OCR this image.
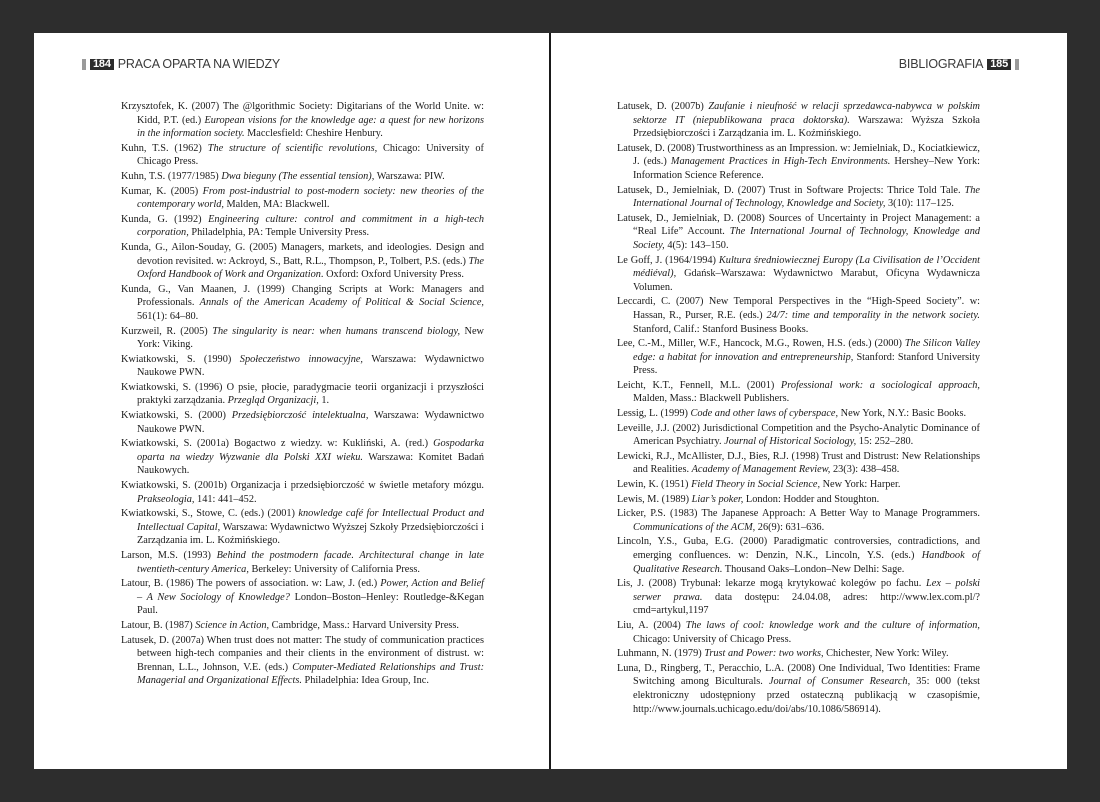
184 PRACA OPARTA NA WIEDZY

Krzysztofek, K. (2007) The @lgorithmic Society: Digitarians of the World Unite. w: Kidd, P.T. (ed.) European visions for the knowledge age: a quest for new horizons in the information society. Macclesfield: Cheshire Henbury.

Kuhn, T.S. (1962) The structure of scientific revolutions, Chicago: University of Chicago Press.

Kuhn, T.S. (1977/1985) Dwa bieguny (The essential tension), Warszawa: PIW.

Kumar, K. (2005) From post-industrial to post-modern society: new theories of the contemporary world, Malden, MA: Blackwell.

Kunda, G. (1992) Engineering culture: control and commitment in a high-tech corporation, Philadelphia, PA: Temple University Press.

Kunda, G., Ailon-Souday, G. (2005) Managers, markets, and ideologies. Design and devotion revisited. w: Ackroyd, S., Batt, R.L., Thompson, P., Tolbert, P.S. (eds.) The Oxford Handbook of Work and Organization. Oxford: Oxford University Press.

Kunda, G., Van Maanen, J. (1999) Changing Scripts at Work: Managers and Professionals. Annals of the American Academy of Political & Social Science, 561(1): 64–80.

Kurzweil, R. (2005) The singularity is near: when humans transcend biology, New York: Viking.

Kwiatkowski, S. (1990) Społeczeństwo innowacyjne, Warszawa: Wydawnictwo Naukowe PWN.

Kwiatkowski, S. (1996) O psie, płocie, paradygmacie teorii organizacji i przyszłości praktyki zarządzania. Przegląd Organizacji, 1.

Kwiatkowski, S. (2000) Przedsiębiorczość intelektualna, Warszawa: Wydawnictwo Naukowe PWN.

Kwiatkowski, S. (2001a) Bogactwo z wiedzy. w: Kukliński, A. (red.) Gospodarka oparta na wiedzy Wyzwanie dla Polski XXI wieku. Warszawa: Komitet Badań Naukowych.

Kwiatkowski, S. (2001b) Organizacja i przedsiębiorczość w świetle metafory mózgu. Prakseologia, 141: 441–452.

Kwiatkowski, S., Stowe, C. (eds.) (2001) knowledge café for Intellectual Product and Intellectual Capital, Warszawa: Wydawnictwo Wyższej Szkoły Przedsiębiorczości i Zarządzania im. L. Koźmińskiego.

Larson, M.S. (1993) Behind the postmodern facade. Architectural change in late twentieth-century America, Berkeley: University of California Press.

Latour, B. (1986) The powers of association. w: Law, J. (ed.) Power, Action and Belief – A New Sociology of Knowledge? London–Boston–Henley: Routledge-&Kegan Paul.

Latour, B. (1987) Science in Action, Cambridge, Mass.: Harvard University Press.

Latusek, D. (2007a) When trust does not matter: The study of communication practices between high-tech companies and their clients in the environment of distrust. w: Brennan, L.L., Johnson, V.E. (eds.) Computer-Mediated Relationships and Trust: Managerial and Organizational Effects. Philadelphia: Idea Group, Inc.

BIBLIOGRAFIA 185

Latusek, D. (2007b) Zaufanie i nieufność w relacji sprzedawca-nabywca w polskim sektorze IT (niepublikowana praca doktorska). Warszawa: Wyższa Szkoła Przedsiębiorczości i Zarządzania im. L. Koźmińskiego.

Latusek, D. (2008) Trustworthiness as an Impression. w: Jemielniak, D., Kociatkiewicz, J. (eds.) Management Practices in High-Tech Environments. Hershey–New York: Information Science Reference.

Latusek, D., Jemielniak, D. (2007) Trust in Software Projects: Thrice Told Tale. The International Journal of Technology, Knowledge and Society, 3(10): 117–125.

Latusek, D., Jemielniak, D. (2008) Sources of Uncertainty in Project Management: a “Real Life” Account. The International Journal of Technology, Knowledge and Society, 4(5): 143–150.

Le Goff, J. (1964/1994) Kultura średniowiecznej Europy (La Civilisation de l’Occident médiéval), Gdańsk–Warszawa: Wydawnictwo Marabut, Oficyna Wydawnicza Volumen.

Leccardi, C. (2007) New Temporal Perspectives in the “High-Speed Society”. w: Hassan, R., Purser, R.E. (eds.) 24/7: time and temporality in the network society. Stanford, Calif.: Stanford Business Books.

Lee, C.-M., Miller, W.F., Hancock, M.G., Rowen, H.S. (eds.) (2000) The Silicon Valley edge: a habitat for innovation and entrepreneurship, Stanford: Stanford University Press.

Leicht, K.T., Fennell, M.L. (2001) Professional work: a sociological approach, Malden, Mass.: Blackwell Publishers.

Lessig, L. (1999) Code and other laws of cyberspace, New York, N.Y.: Basic Books.

Leveille, J.J. (2002) Jurisdictional Competition and the Psycho-Analytic Dominance of American Psychiatry. Journal of Historical Sociology, 15: 252–280.

Lewicki, R.J., McAllister, D.J., Bies, R.J. (1998) Trust and Distrust: New Relationships and Realities. Academy of Management Review, 23(3): 438–458.

Lewin, K. (1951) Field Theory in Social Science, New York: Harper.

Lewis, M. (1989) Liar’s poker, London: Hodder and Stoughton.

Licker, P.S. (1983) The Japanese Approach: A Better Way to Manage Programmers. Communications of the ACM, 26(9): 631–636.

Lincoln, Y.S., Guba, E.G. (2000) Paradigmatic controversies, contradictions, and emerging confluences. w: Denzin, N.K., Lincoln, Y.S. (eds.) Handbook of Qualitative Research. Thousand Oaks–London–New Delhi: Sage.

Lis, J. (2008) Trybunał: lekarze mogą krytykować kolegów po fachu. Lex – polski serwer prawa. data dostępu: 24.04.08, adres: http://www.lex.com.pl/?cmd=artykul,1197

Liu, A. (2004) The laws of cool: knowledge work and the culture of information, Chicago: University of Chicago Press.

Luhmann, N. (1979) Trust and Power: two works, Chichester, New York: Wiley.

Luna, D., Ringberg, T., Peracchio, L.A. (2008) One Individual, Two Identities: Frame Switching among Biculturals. Journal of Consumer Research, 35: 000 (tekst elektroniczny udostępniony przed ostateczną publikacją w czasopiśmie, http://www.journals.uchicago.edu/doi/abs/10.1086/586914).
